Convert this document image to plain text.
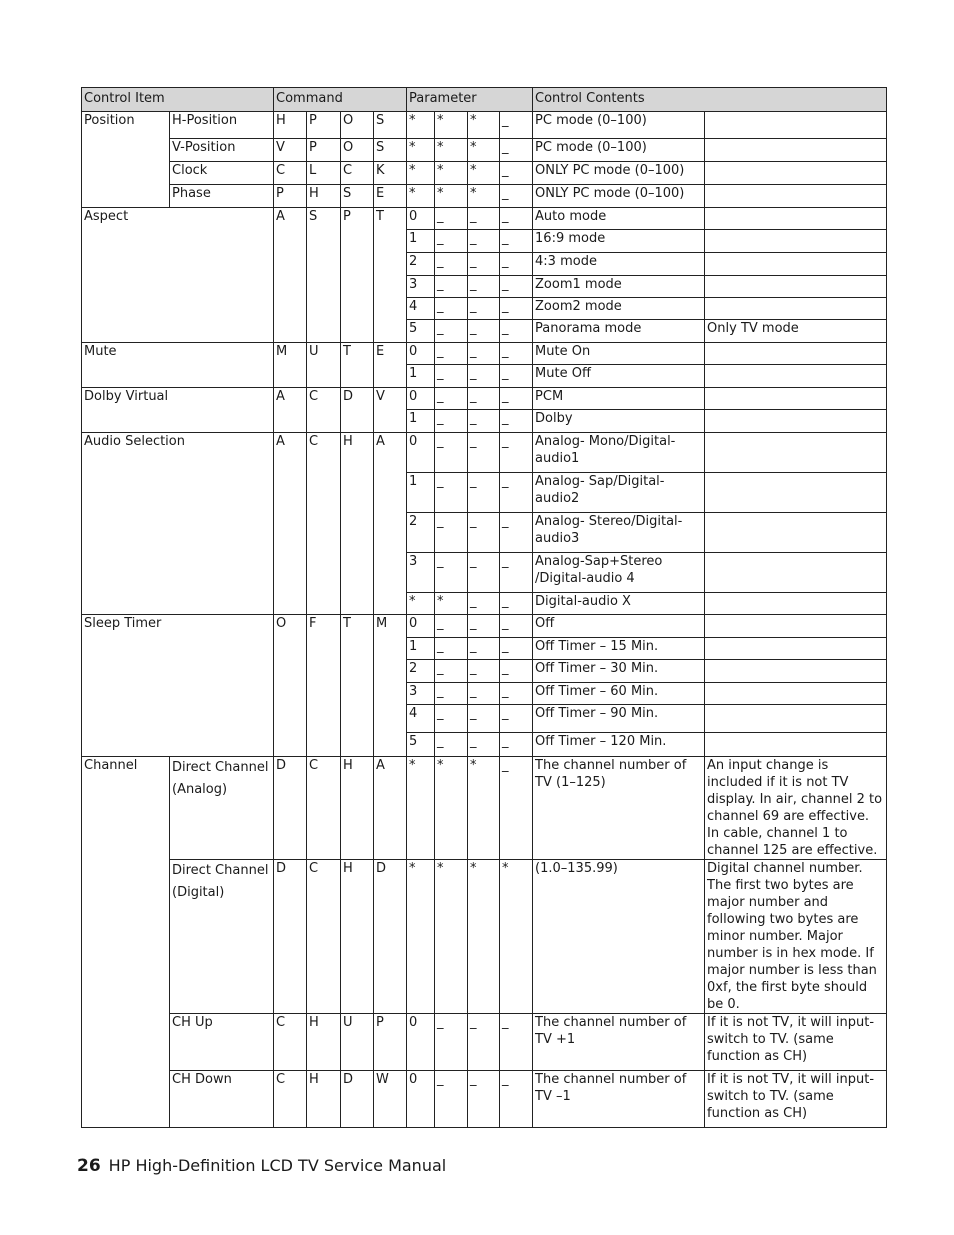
Control Item		Command				Parameter				Control Contents	
Position	H-Position	H	P	O	S	*	*	*	_	PC mode (0–100)	
	V-Position	V	P	O	S	*	*	*	_	PC mode (0–100)	
	Clock	C	L	C	K	*	*	*	_	ONLY PC mode (0–100)	
	Phase	P	H	S	E	*	*	*	_	ONLY PC mode (0–100)	
Aspect		A	S	P	T	0	_	_	_	Auto mode	
						1	_	_	_	16:9 mode	
						2	_	_	_	4:3 mode	
						3	_	_	_	Zoom1 mode	
						4	_	_	_	Zoom2 mode	
						5	_	_	_	Panorama mode	Only TV mode
Mute		M	U	T	E	0	_	_	_	Mute On	
						1	_	_	_	Mute Off	
Dolby Virtual		A	C	D	V	0	_	_	_	PCM	
						1	_	_	_	Dolby	
Audio Selection		A	C	H	A	0	_	_	_	Analog- Mono/Digital-audio1	
						1	_	_	_	Analog- Sap/Digital-audio2	
						2	_	_	_	Analog- Stereo/Digital-audio3	
						3	_	_	_	Analog-Sap+Stereo /Digital-audio 4	
						*	*	_	_	Digital-audio X	
Sleep Timer		O	F	T	M	0	_	_	_	Off	
						1	_	_	_	Off Timer – 15 Min.	
						2	_	_	_	Off Timer – 30 Min.	
						3	_	_	_	Off Timer – 60 Min.	
						4	_	_	_	Off Timer – 90 Min.	
						5	_	_	_	Off Timer – 120 Min.	
Channel	Direct Channel (Analog)	D	C	H	A	*	*	*	_	The channel number of TV (1–125)	An input change is included if it is not TV display. In air, channel 2 to channel 69 are effective. In cable, channel 1 to channel 125 are effective.
	Direct Channel (Digital)	D	C	H	D	*	*	*	*	(1.0–135.99)	Digital channel number. The first two bytes are major number and following two bytes are minor number. Major number is in hex mode. If major number is less than 0xf, the first byte should be 0.
	CH Up	C	H	U	P	0	_	_	_	The channel number of TV +1	If it is not TV, it will input-switch to TV. (same function as CH)
	CH Down	C	H	D	W	0	_	_	_	The channel number of TV –1	If it is not TV, it will input-switch to TV. (same function as CH)
26 HP High-Definition LCD TV Service Manual
